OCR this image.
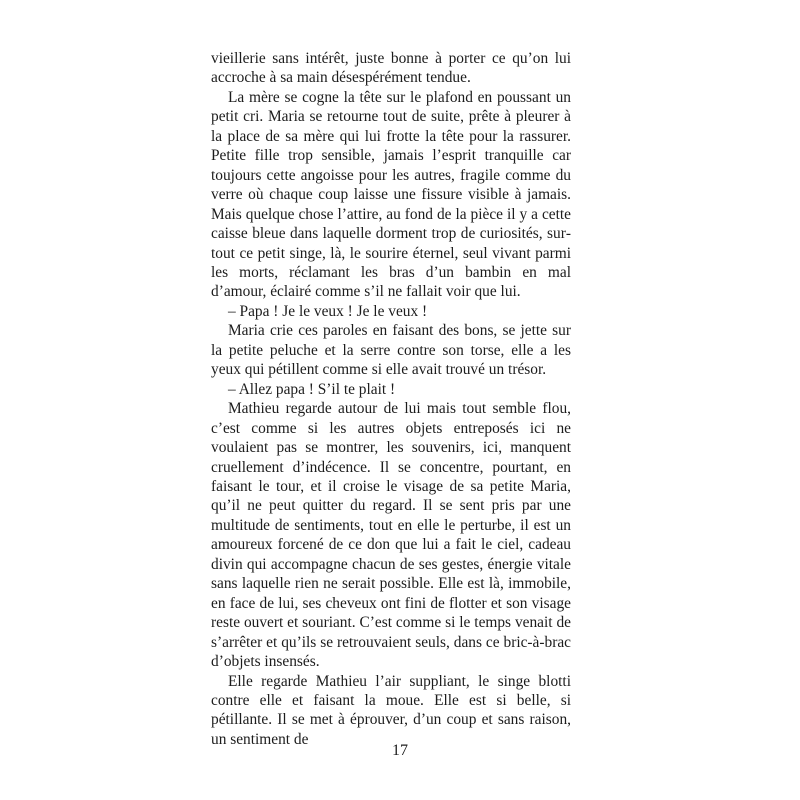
vieillerie sans intérêt, juste bonne à porter ce qu’on lui accroche à sa main désespérément tendue.

La mère se cogne la tête sur le plafond en poussant un petit cri. Maria se retourne tout de suite, prête à pleurer à la place de sa mère qui lui frotte la tête pour la rassurer. Petite fille trop sensible, jamais l’esprit tranquille car toujours cette angoisse pour les autres, fragile comme du verre où chaque coup laisse une fissure visible à jamais. Mais quelque chose l’attire, au fond de la pièce il y a cette caisse bleue dans laquelle dorment trop de curiosités, surtout ce petit singe, là, le sourire éternel, seul vivant parmi les morts, réclamant les bras d’un bambin en mal d’amour, éclairé comme s’il ne fallait voir que lui.

– Papa ! Je le veux ! Je le veux !

Maria crie ces paroles en faisant des bons, se jette sur la petite peluche et la serre contre son torse, elle a les yeux qui pétillent comme si elle avait trouvé un trésor.

– Allez papa ! S’il te plait !

Mathieu regarde autour de lui mais tout semble flou, c’est comme si les autres objets entreposés ici ne voulaient pas se montrer, les souvenirs, ici, manquent cruellement d’indécence. Il se concentre, pourtant, en faisant le tour, et il croise le visage de sa petite Maria, qu’il ne peut quitter du regard. Il se sent pris par une multitude de sentiments, tout en elle le perturbe, il est un amoureux forcené de ce don que lui a fait le ciel, cadeau divin qui accompagne chacun de ses gestes, énergie vitale sans laquelle rien ne serait possible. Elle est là, immobile, en face de lui, ses cheveux ont fini de flotter et son visage reste ouvert et souriant. C’est comme si le temps venait de s’arrêter et qu’ils se retrouvaient seuls, dans ce bric-à-brac d’objets insensés.

Elle regarde Mathieu l’air suppliant, le singe blotti contre elle et faisant la moue. Elle est si belle, si pétillante. Il se met à éprouver, d’un coup et sans raison, un sentiment de

17
